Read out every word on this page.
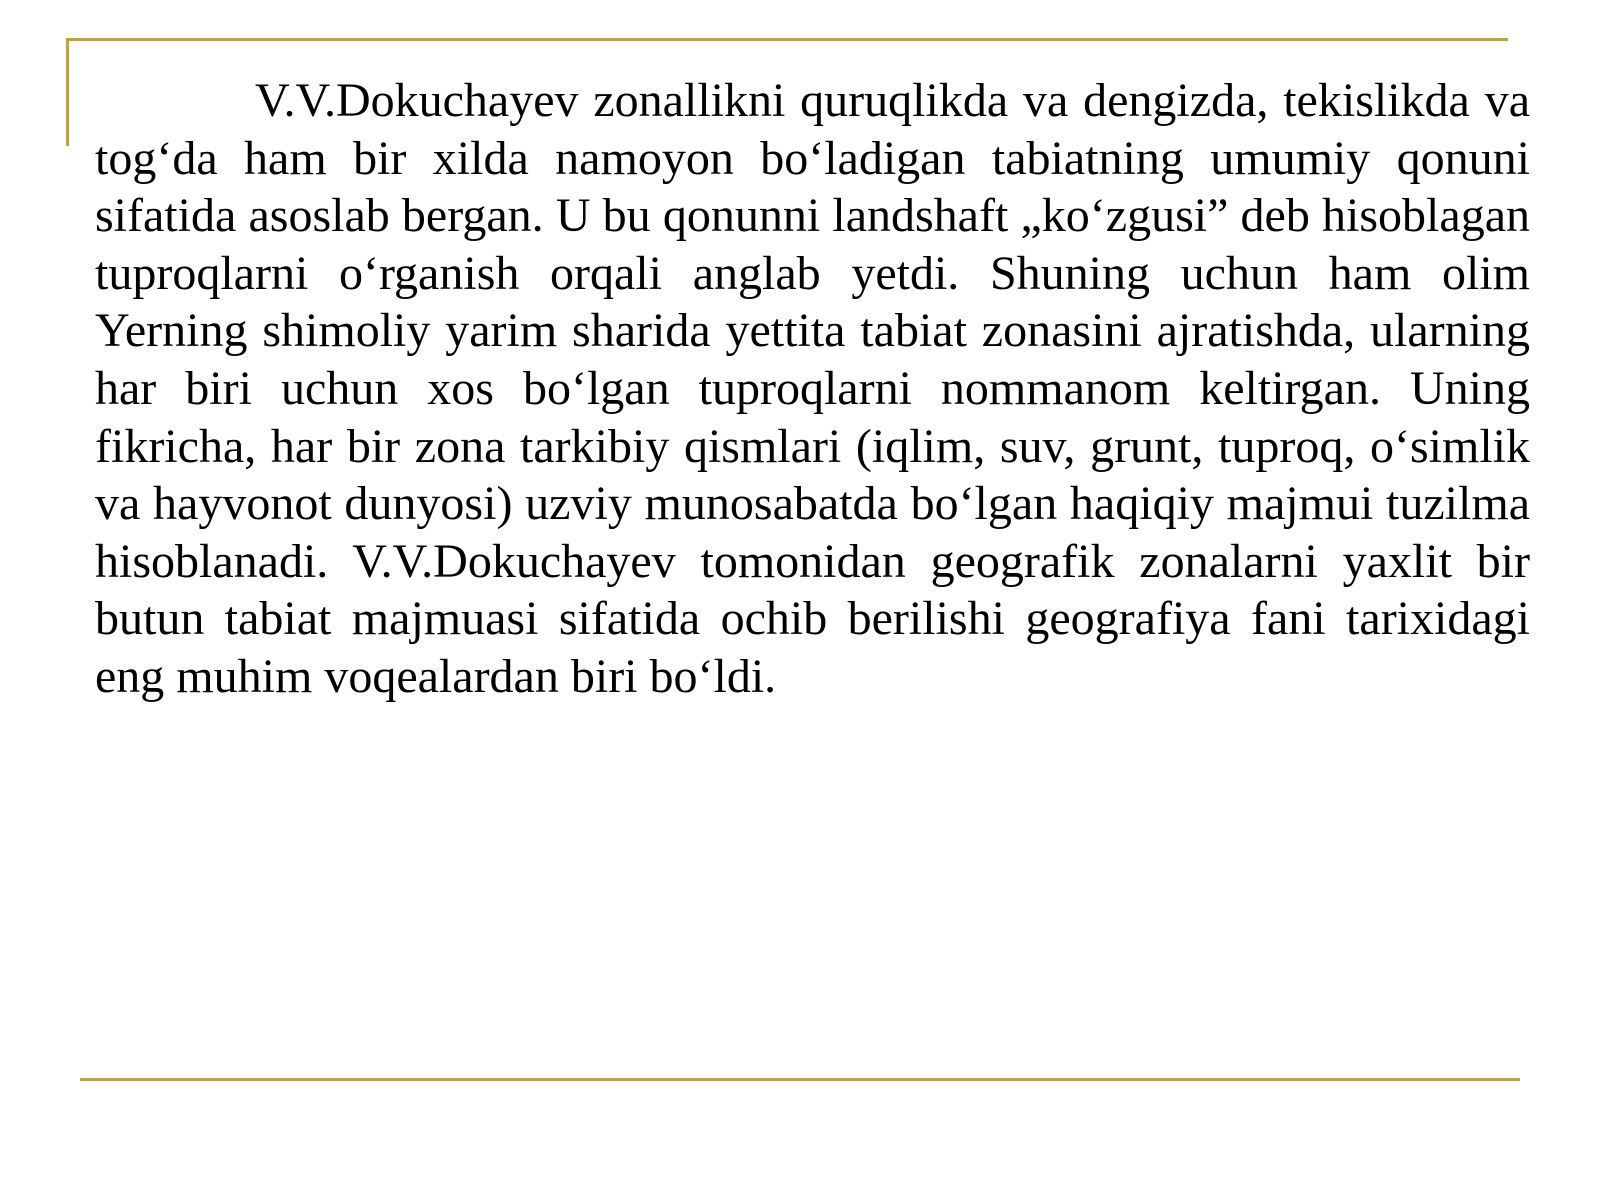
V.V.Dokuchayev zonallikni quruqlikda va dengizda, tekislikda va tog‘da ham bir xilda namoyon bo‘ladigan tabiatning umumiy qonuni sifatida asoslab bergan. U bu qonunni landshaft „ko‘zgusi” deb hisoblagan tuproqlarni o‘rganish orqali anglab yetdi. Shuning uchun ham olim Yerning shimoliy yarim sharida yettita tabiat zonasini ajratishda, ularning har biri uchun xos bo‘lgan tuproqlarni nommanom keltirgan. Uning fikricha, har bir zona tarkibiy qismlari (iqlim, suv, grunt, tuproq, o‘simlik va hayvonot dunyosi) uzviy munosabatda bo‘lgan haqiqiy majmui tuzilma hisoblanadi. V.V.Dokuchayev tomonidan geografik zonalarni yaxlit bir butun tabiat majmuasi sifatida ochib berilishi geografiya fani tarixidagi eng muhim voqealardan biri bo‘ldi.
